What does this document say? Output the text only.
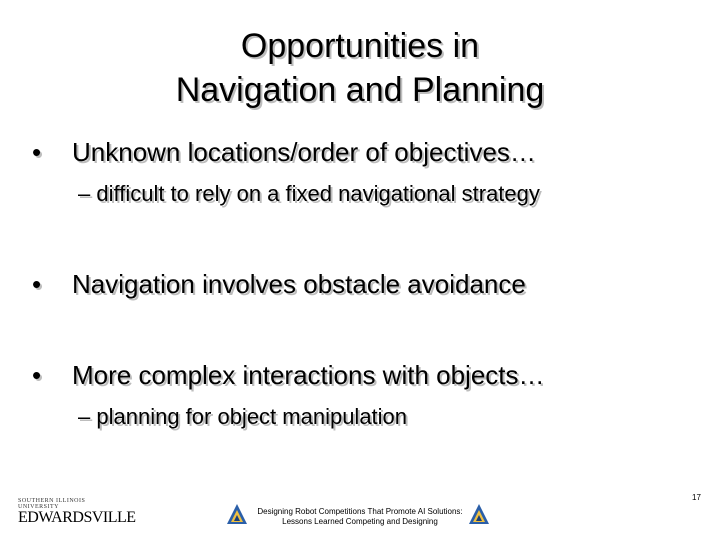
Opportunities in
Navigation and Planning
•	Unknown locations/order of objectives…
– difficult to rely on a fixed navigational strategy
•	Navigation involves obstacle avoidance
•	More complex interactions with objects…
– planning for object manipulation
SOUTHERN ILLINOIS UNIVERSITY
EDWARDSVILLE	Designing Robot Competitions That Promote AI Solutions:
Lessons Learned Competing and Designing
17
